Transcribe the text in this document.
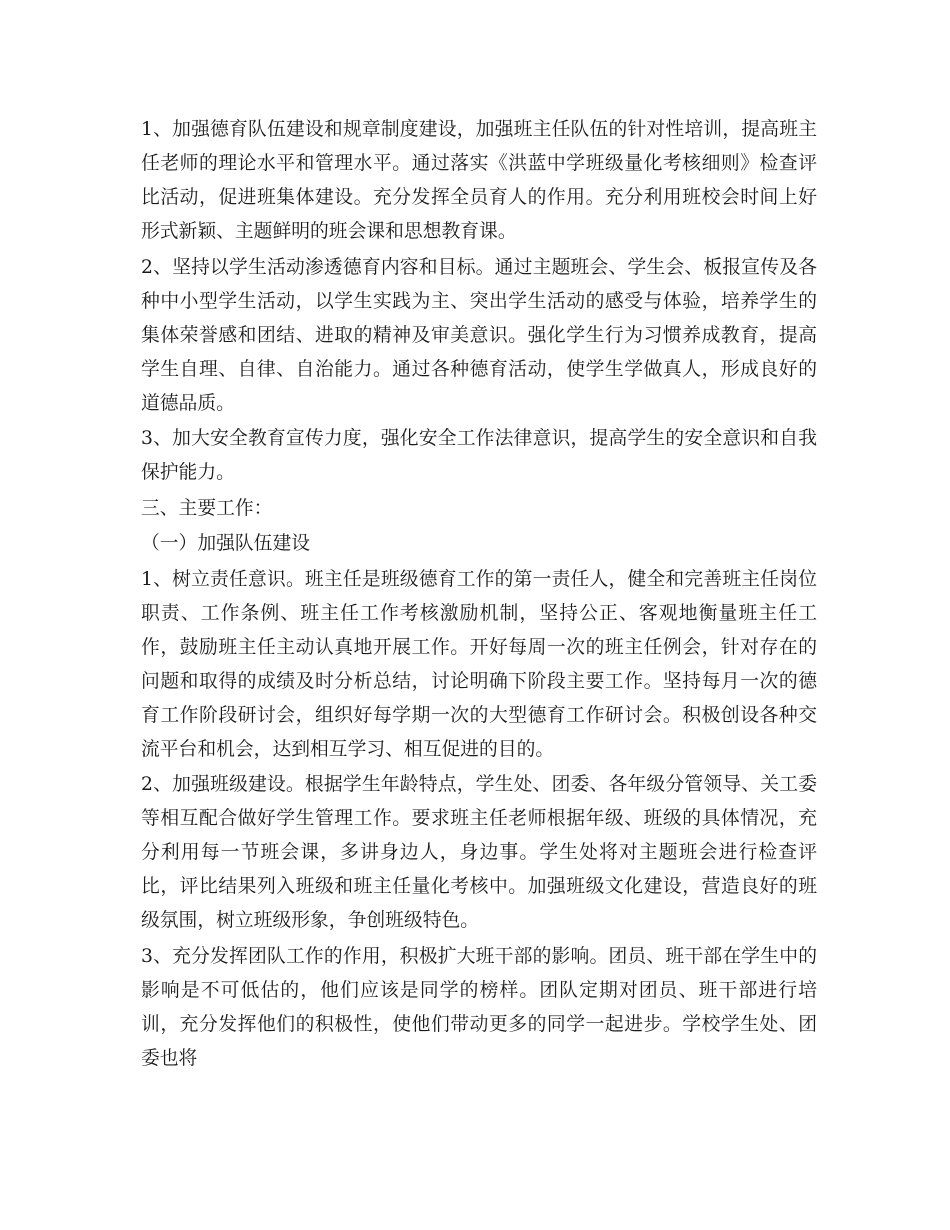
1、加强德育队伍建设和规章制度建设，加强班主任队伍的针对性培训，提高班主任老师的理论水平和管理水平。通过落实《洪蓝中学班级量化考核细则》检查评比活动，促进班集体建设。充分发挥全员育人的作用。充分利用班校会时间上好形式新颖、主题鲜明的班会课和思想教育课。

2、坚持以学生活动渗透德育内容和目标。通过主题班会、学生会、板报宣传及各种中小型学生活动，以学生实践为主、突出学生活动的感受与体验，培养学生的集体荣誉感和团结、进取的精神及审美意识。强化学生行为习惯养成教育，提高学生自理、自律、自治能力。通过各种德育活动，使学生学做真人，形成良好的道德品质。

3、加大安全教育宣传力度，强化安全工作法律意识，提高学生的安全意识和自我保护能力。

三、主要工作：

（一）加强队伍建设

1、树立责任意识。班主任是班级德育工作的第一责任人，健全和完善班主任岗位职责、工作条例、班主任工作考核激励机制，坚持公正、客观地衡量班主任工作，鼓励班主任主动认真地开展工作。开好每周一次的班主任例会，针对存在的问题和取得的成绩及时分析总结，讨论明确下阶段主要工作。坚持每月一次的德育工作阶段研讨会，组织好每学期一次的大型德育工作研讨会。积极创设各种交流平台和机会，达到相互学习、相互促进的目的。

2、加强班级建设。根据学生年龄特点，学生处、团委、各年级分管领导、关工委等相互配合做好学生管理工作。要求班主任老师根据年级、班级的具体情况，充分利用每一节班会课，多讲身边人，身边事。学生处将对主题班会进行检查评比，评比结果列入班级和班主任量化考核中。加强班级文化建设，营造良好的班级氛围，树立班级形象，争创班级特色。

3、充分发挥团队工作的作用，积极扩大班干部的影响。团员、班干部在学生中的影响是不可低估的，他们应该是同学的榜样。团队定期对团员、班干部进行培训，充分发挥他们的积极性，使他们带动更多的同学一起进步。学校学生处、团委也将
